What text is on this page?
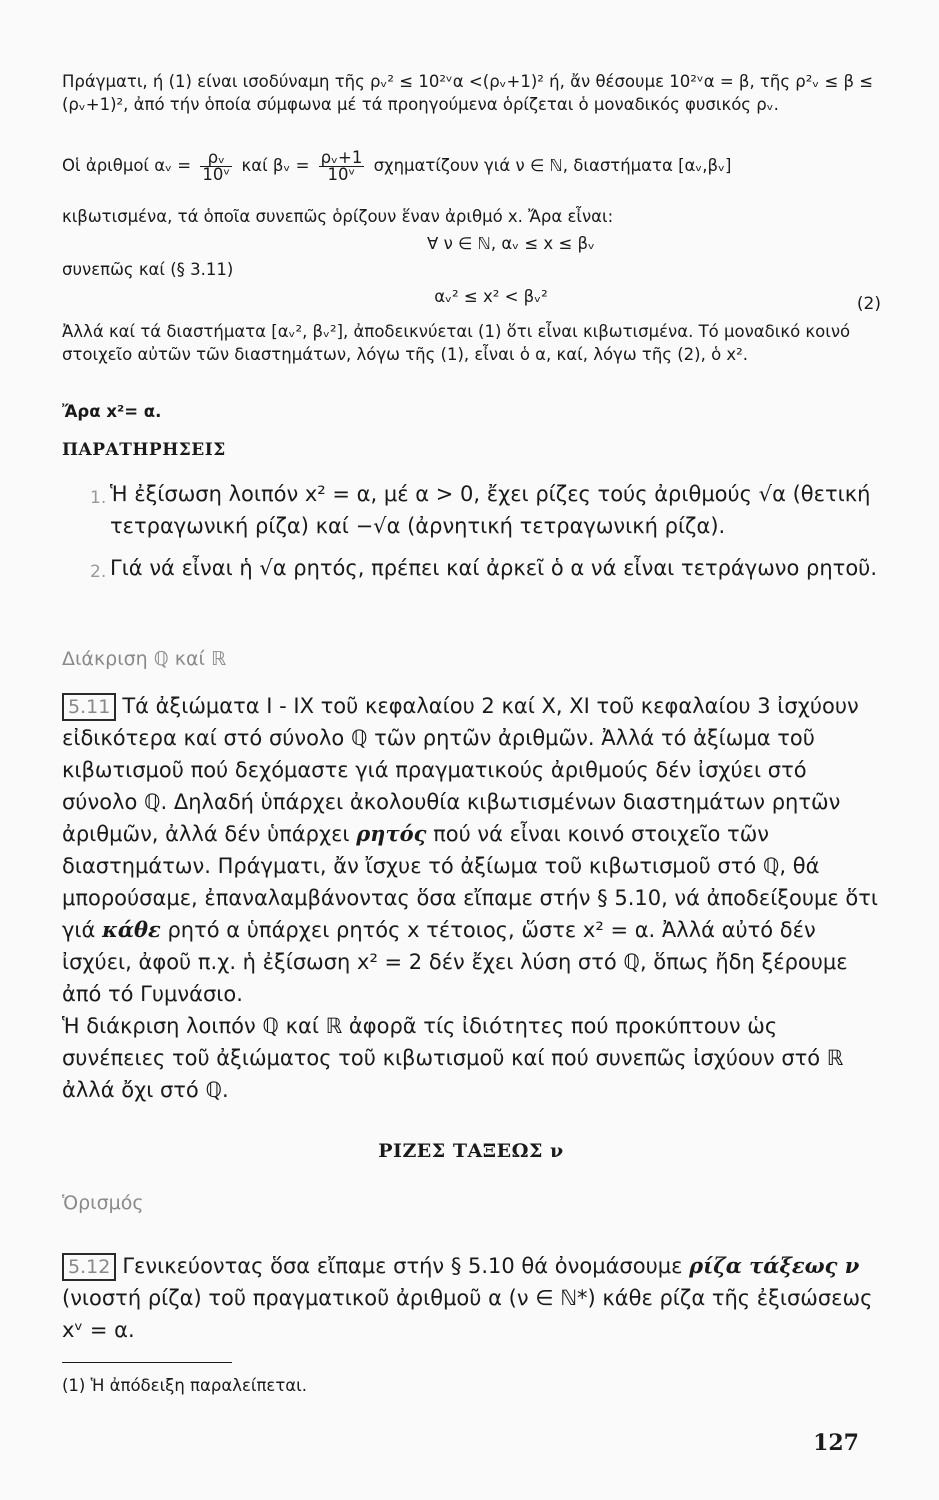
Πράγματι, ή (1) είναι ισοδύναμη τῆς ρᵥ² ≤ 10²ᵛα <(ρᵥ+1)² ή, ἄν θέσουμε 10²ᵛα = β, τῆς ρ²ᵥ ≤ β ≤ (ρᵥ+1)², ἀπό τήν ὁποία σύμφωνα μέ τά προηγούμενα ὁρίζεται ὁ μοναδικός φυσικός ρᵥ.

Οἱ ἀριθμοί αᵥ = $\frac{\text{ρᵥ}}{\text{10ᵛ}}$ καί βᵥ = $\frac{\text{ρᵥ+1}}{\text{10ᵛ}}$ σχηματίζουν γιά ν ∈ ℕ, διαστήματα [αᵥ,βᵥ]

κιβωτισμένα, τά ὁποῖα συνεπῶς ὁρίζουν ἕναν ἀριθμό x. Ἄρα εἶναι:

∀ ν ∈ ℕ, αᵥ ≤ x ≤ βᵥ

συνεπῶς καί (§ 3.11)

αᵥ² ≤ x² < βᵥ²	(2)

Ἀλλά καί τά διαστήματα [αᵥ², βᵥ²], ἀποδεικνύεται (1) ὅτι εἶναι κιβωτισμένα. Τό μοναδικό κοινό στοιχεῖο αὐτῶν τῶν διαστημάτων, λόγω τῆς (1), εἶναι ὁ α, καί, λόγω τῆς (2), ὁ x².

Ἄρα x²= α.

ΠΑΡΑΤΗΡΗΣΕΙΣ

1. Ἡ ἐξίσωση λοιπόν x² = α, μέ α > 0, ἔχει ρίζες τούς ἀριθμούς √α (θετική τετραγωνική ρίζα) καί −√α (ἀρνητική τετραγωνική ρίζα).
2. Γιά νά εἶναι ἡ √α ρητός, πρέπει καί ἀρκεῖ ὁ α νά εἶναι τετράγωνο ρητοῦ.

Διάκριση ℚ καί ℝ

5.11 Τά ἀξιώματα I - IX τοῦ κεφαλαίου 2 καί X, XI τοῦ κεφαλαίου 3 ἰσχύουν εἰδικότερα καί στό σύνολο ℚ τῶν ρητῶν ἀριθμῶν. Ἀλλά τό ἀξίωμα τοῦ κιβωτισμοῦ πού δεχόμαστε γιά πραγματικούς ἀριθμούς δέν ἰσχύει στό σύνολο ℚ. Δηλαδή ὑπάρχει ἀκολουθία κιβωτισμένων διαστημάτων ρητῶν ἀριθμῶν, ἀλλά δέν ὑπάρχει ρητός πού νά εἶναι κοινό στοιχεῖο τῶν διαστημάτων. Πράγματι, ἄν ἴσχυε τό ἀξίωμα τοῦ κιβωτισμοῦ στό ℚ, θά μπορούσαμε, ἐπαναλαμβάνοντας ὅσα εἴπαμε στήν § 5.10, νά ἀποδείξουμε ὅτι γιά κάθε ρητό α ὑπάρχει ρητός x τέτοιος, ὥστε x² = α. Ἀλλά αὐτό δέν ἰσχύει, ἀφοῦ π.χ. ἡ ἐξίσωση x² = 2 δέν ἔχει λύση στό ℚ, ὅπως ἤδη ξέρουμε ἀπό τό Γυμνάσιο.

Ἡ διάκριση λοιπόν ℚ καί ℝ ἀφορᾶ τίς ἰδιότητες πού προκύπτουν ὡς συνέπειες τοῦ ἀξιώματος τοῦ κιβωτισμοῦ καί πού συνεπῶς ἰσχύουν στό ℝ ἀλλά ὄχι στό ℚ.

ΡΙΖΕΣ ΤΑΞΕΩΣ ν

Ὁρισμός

5.12 Γενικεύοντας ὅσα εἴπαμε στήν § 5.10 θά ὀνομάσουμε ρίζα τάξεως ν (νιοστή ρίζα) τοῦ πραγματικοῦ ἀριθμοῦ α (ν ∈ ℕ*) κάθε ρίζα τῆς ἐξισώσεως xᵛ = α.

(1) Ἡ ἀπόδειξη παραλείπεται.

127
